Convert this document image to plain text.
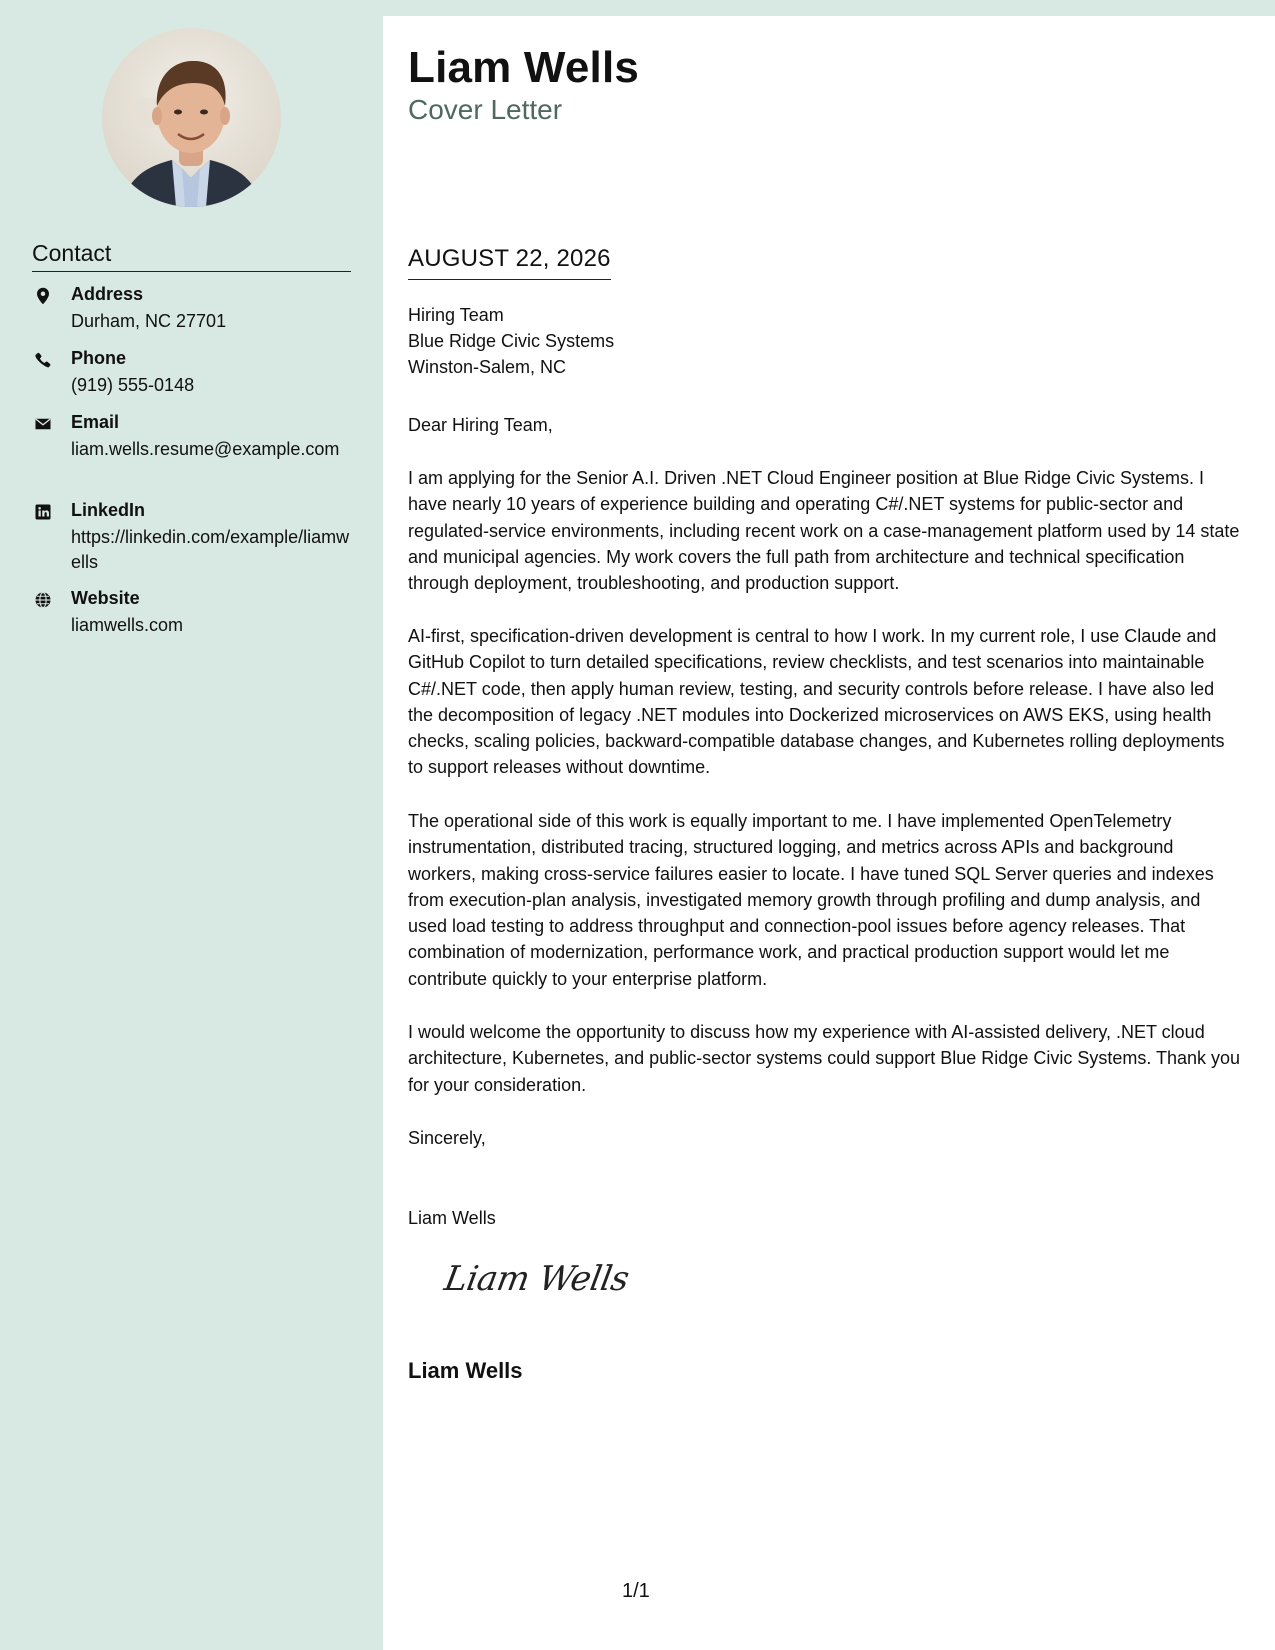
Contact
Address
Durham, NC 27701
Phone
(919) 555-0148
Email
liam.wells.resume@example.com
LinkedIn
https://linkedin.com/example/liamwells
Website
liamwells.com
Liam Wells
Cover Letter
AUGUST 22, 2026
Hiring Team
Blue Ridge Civic Systems
Winston-Salem, NC
Dear Hiring Team,
I am applying for the Senior A.I. Driven .NET Cloud Engineer position at Blue Ridge Civic Systems. I have nearly 10 years of experience building and operating C#/.NET systems for public-sector and regulated-service environments, including recent work on a case-management platform used by 14 state and municipal agencies. My work covers the full path from architecture and technical specification through deployment, troubleshooting, and production support.
AI-first, specification-driven development is central to how I work. In my current role, I use Claude and GitHub Copilot to turn detailed specifications, review checklists, and test scenarios into maintainable C#/.NET code, then apply human review, testing, and security controls before release. I have also led the decomposition of legacy .NET modules into Dockerized microservices on AWS EKS, using health checks, scaling policies, backward-compatible database changes, and Kubernetes rolling deployments to support releases without downtime.
The operational side of this work is equally important to me. I have implemented OpenTelemetry instrumentation, distributed tracing, structured logging, and metrics across APIs and background workers, making cross-service failures easier to locate. I have tuned SQL Server queries and indexes from execution-plan analysis, investigated memory growth through profiling and dump analysis, and used load testing to address throughput and connection-pool issues before agency releases. That combination of modernization, performance work, and practical production support would let me contribute quickly to your enterprise platform.
I would welcome the opportunity to discuss how my experience with AI-assisted delivery, .NET cloud architecture, Kubernetes, and public-sector systems could support Blue Ridge Civic Systems. Thank you for your consideration.
Sincerely,
Liam Wells
Liam Wells
Liam Wells
1/1
